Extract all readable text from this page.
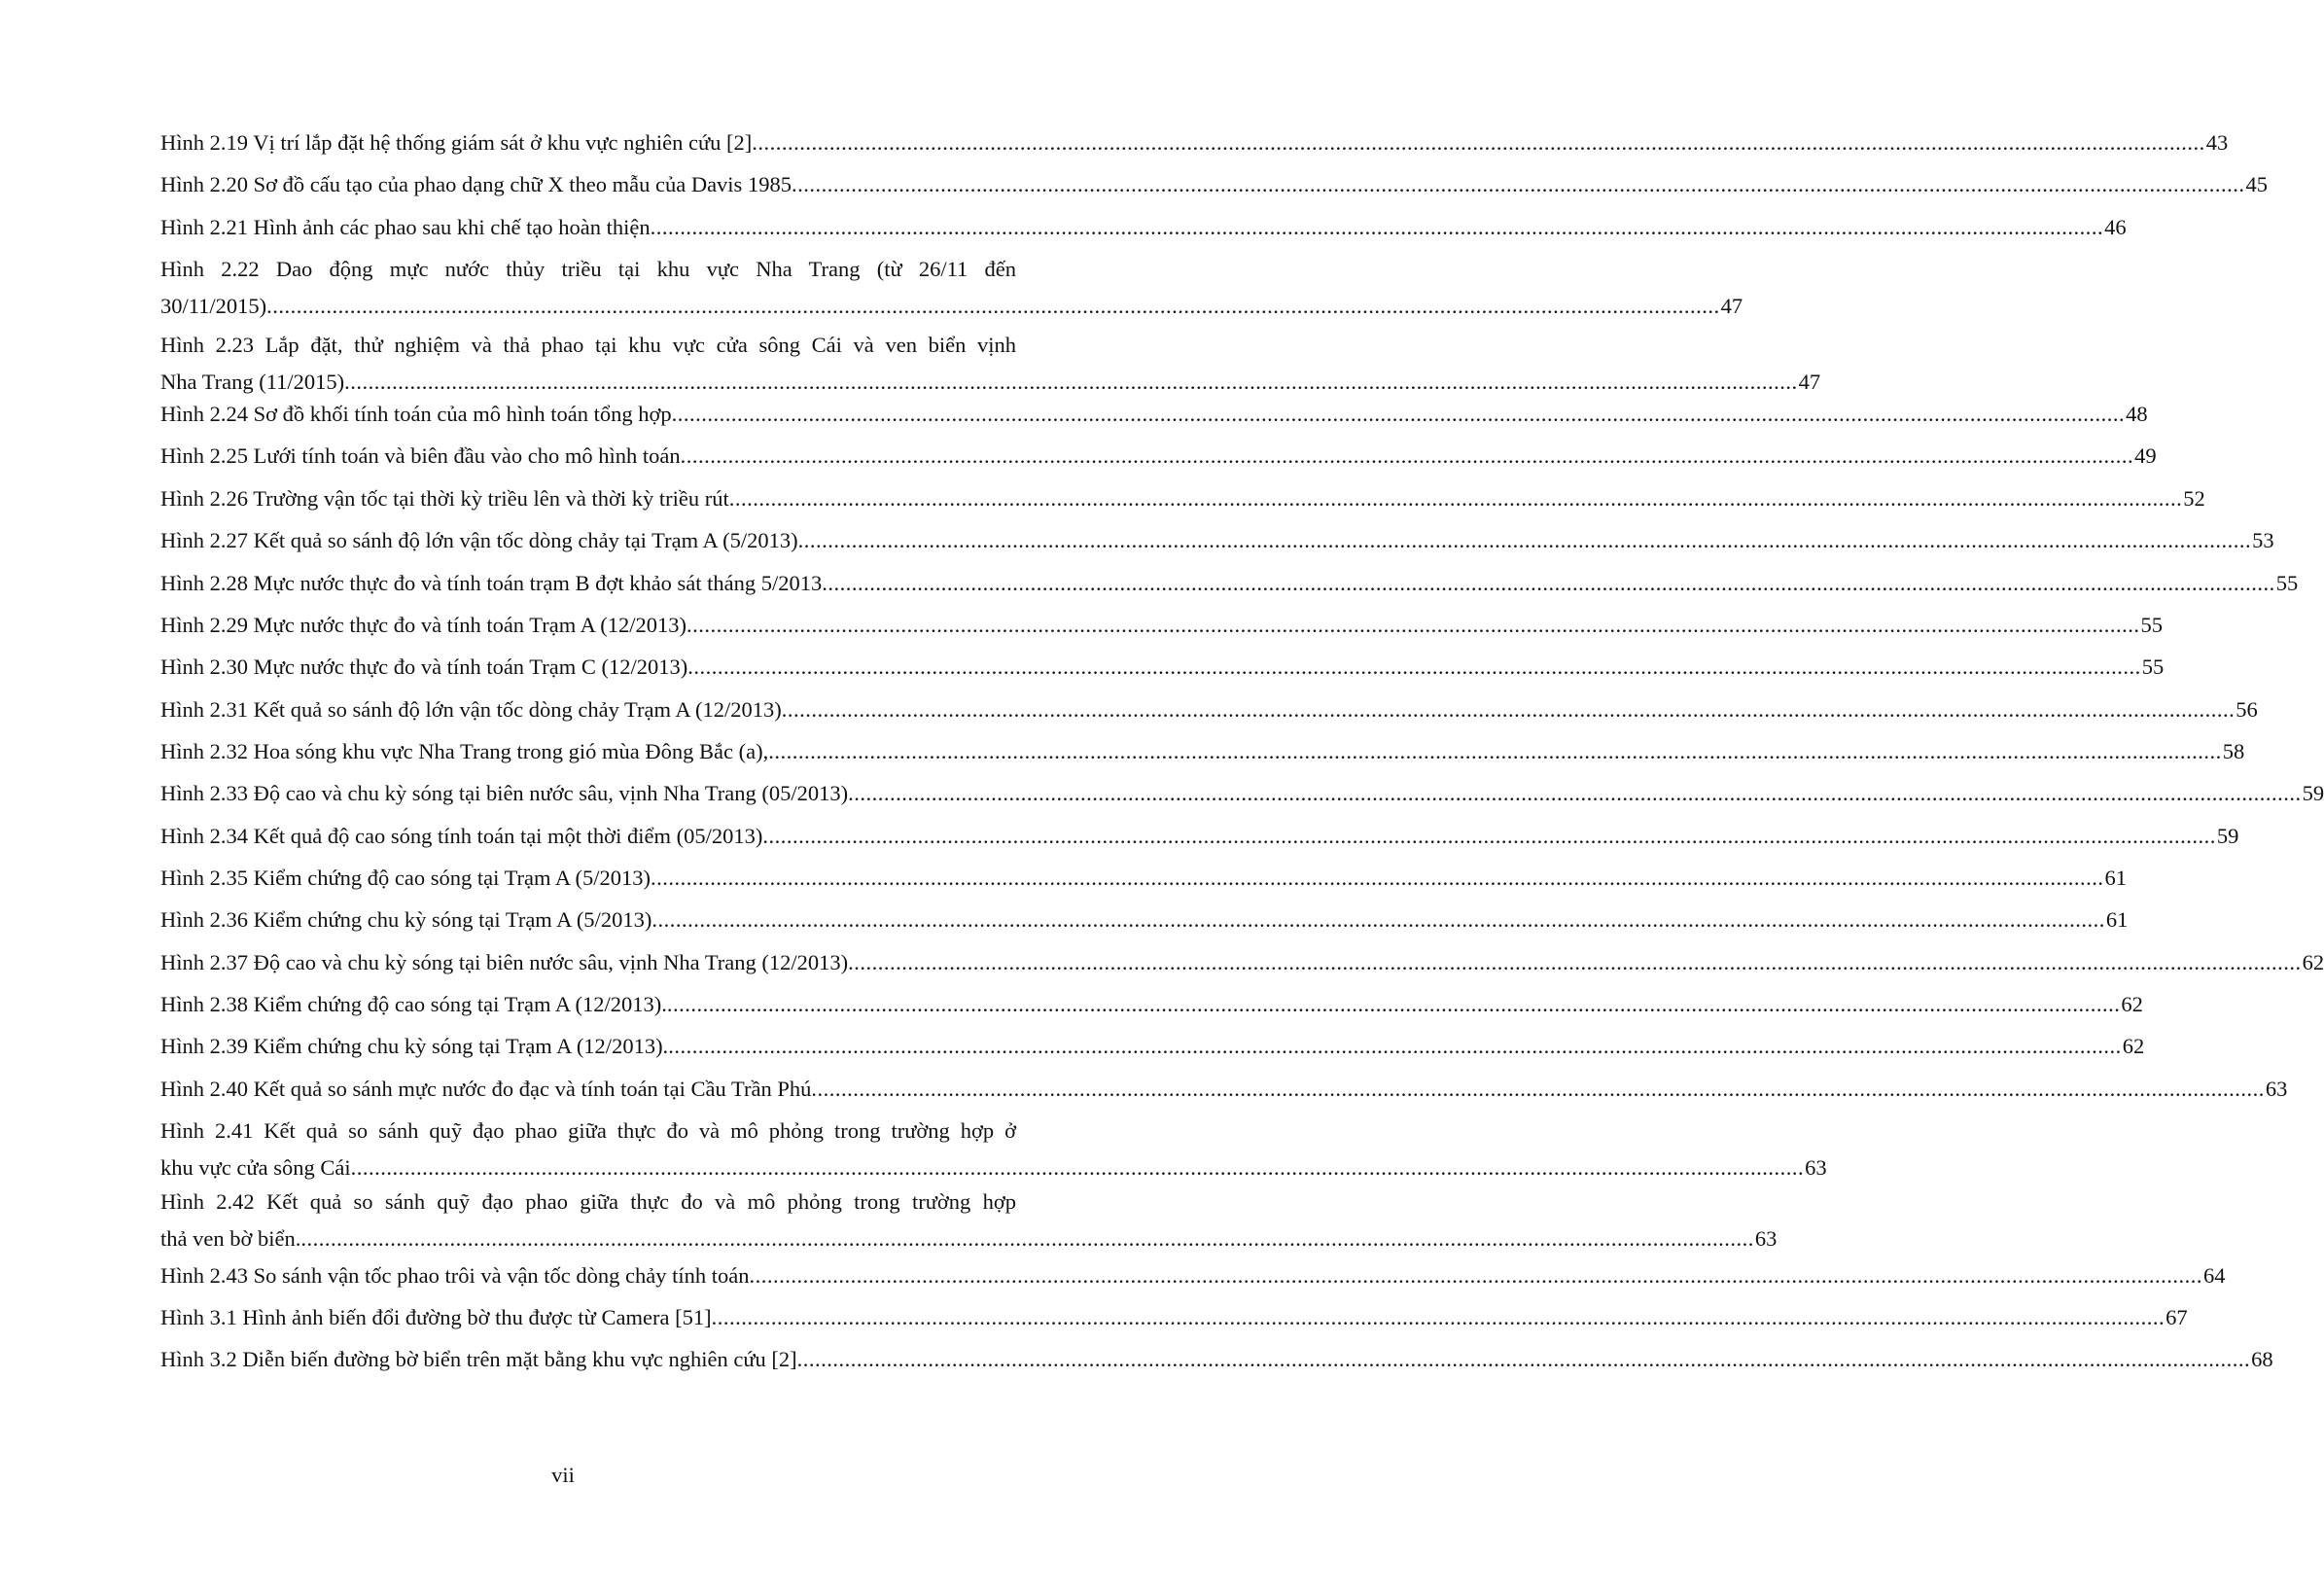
Hình 2.19 Vị trí lắp đặt hệ thống giám sát ở khu vực nghiên cứu [2] .....	43
Hình 2.20 Sơ đồ cấu tạo của phao dạng chữ X theo mẫu của Davis 1985 .....	45
Hình 2.21 Hình ảnh các phao sau khi chế tạo hoàn thiện .....	46
Hình 2.22 Dao động mực nước thủy triều tại khu vực Nha Trang (từ 26/11 đến
30/11/2015) .....	47
Hình 2.23 Lắp đặt, thử nghiệm và thả phao tại khu vực cửa sông Cái và ven biển vịnh
Nha Trang (11/2015) .....	47
Hình 2.24 Sơ đồ khối tính toán của mô hình toán tổng hợp .....	48
Hình 2.25 Lưới tính toán và biên đầu vào cho mô hình toán .....	49
Hình 2.26 Trường vận tốc tại thời kỳ triều lên và thời kỳ triều rút .....	52
Hình 2.27 Kết quả so sánh độ lớn vận tốc dòng chảy tại Trạm A (5/2013) .....	53
Hình 2.28 Mực nước thực đo và tính toán trạm B đợt khảo sát tháng 5/2013 .....	55
Hình 2.29 Mực nước thực đo và tính toán Trạm A (12/2013) .....	55
Hình 2.30 Mực nước thực đo và tính toán Trạm C (12/2013) .....	55
Hình 2.31 Kết quả so sánh độ lớn vận tốc dòng chảy Trạm A (12/2013) .....	56
Hình 2.32 Hoa sóng khu vực Nha Trang trong gió mùa Đông Bắc (a), .....	58
Hình 2.33 Độ cao và chu kỳ sóng tại biên nước sâu, vịnh Nha Trang (05/2013) .....	59
Hình 2.34 Kết quả độ cao sóng tính toán tại một thời điểm (05/2013) .....	59
Hình 2.35 Kiểm chứng độ cao sóng tại Trạm A (5/2013) .....	61
Hình 2.36 Kiểm chứng chu kỳ sóng tại Trạm A (5/2013) .....	61
Hình 2.37 Độ cao và chu kỳ sóng tại biên nước sâu, vịnh Nha Trang (12/2013) .....	62
Hình 2.38 Kiểm chứng độ cao sóng tại Trạm A (12/2013). .....	62
Hình 2.39 Kiểm chứng chu kỳ sóng tại Trạm A (12/2013). .....	62
Hình 2.40 Kết quả so sánh mực nước đo đạc và tính toán tại Cầu Trần Phú .....	63
Hình 2.41 Kết quả so sánh quỹ đạo phao giữa thực đo và mô phỏng trong trường hợp ở
khu vực cửa sông Cái .....	63
Hình 2.42 Kết quả so sánh quỹ đạo phao giữa thực đo và mô phỏng trong trường hợp
thả ven bờ biển. .....	63
Hình 2.43 So sánh vận tốc phao trôi và vận tốc dòng chảy tính toán .....	64
Hình 3.1 Hình ảnh biến đổi đường bờ thu được từ Camera [51] .....	67
Hình 3.2 Diễn biến đường bờ biển trên mặt bằng khu vực nghiên cứu [2] .....	68
vii
